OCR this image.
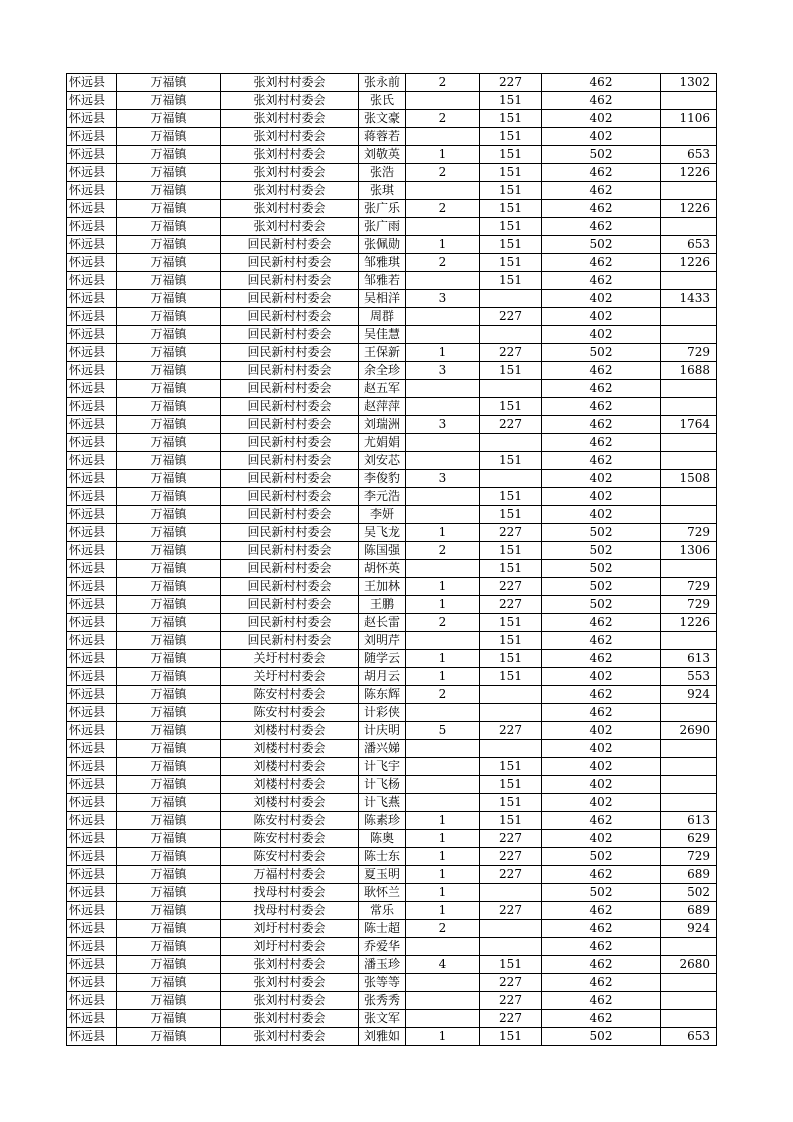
怀远县	万福镇	张刘村村委会	张永前	2	227	462	1302
怀远县	万福镇	张刘村村委会	张氏		151	462	
怀远县	万福镇	张刘村村委会	张文豪	2	151	402	1106
怀远县	万福镇	张刘村村委会	蒋蓉若		151	402	
怀远县	万福镇	张刘村村委会	刘敬英	1	151	502	653
怀远县	万福镇	张刘村村委会	张浩	2	151	462	1226
怀远县	万福镇	张刘村村委会	张琪		151	462	
怀远县	万福镇	张刘村村委会	张广乐	2	151	462	1226
怀远县	万福镇	张刘村村委会	张广雨		151	462	
怀远县	万福镇	回民新村村委会	张佩勋	1	151	502	653
怀远县	万福镇	回民新村村委会	邹雅琪	2	151	462	1226
怀远县	万福镇	回民新村村委会	邹雅若		151	462	
怀远县	万福镇	回民新村村委会	吴相洋	3		402	1433
怀远县	万福镇	回民新村村委会	周群		227	402	
怀远县	万福镇	回民新村村委会	吴佳慧			402	
怀远县	万福镇	回民新村村委会	王保新	1	227	502	729
怀远县	万福镇	回民新村村委会	余全珍	3	151	462	1688
怀远县	万福镇	回民新村村委会	赵五军			462	
怀远县	万福镇	回民新村村委会	赵萍萍		151	462	
怀远县	万福镇	回民新村村委会	刘瑞洲	3	227	462	1764
怀远县	万福镇	回民新村村委会	尤娟娟			462	
怀远县	万福镇	回民新村村委会	刘安芯		151	462	
怀远县	万福镇	回民新村村委会	李俊豹	3		402	1508
怀远县	万福镇	回民新村村委会	李元浩		151	402	
怀远县	万福镇	回民新村村委会	李妍		151	402	
怀远县	万福镇	回民新村村委会	吴飞龙	1	227	502	729
怀远县	万福镇	回民新村村委会	陈国强	2	151	502	1306
怀远县	万福镇	回民新村村委会	胡怀英		151	502	
怀远县	万福镇	回民新村村委会	王加林	1	227	502	729
怀远县	万福镇	回民新村村委会	王鹏	1	227	502	729
怀远县	万福镇	回民新村村委会	赵长雷	2	151	462	1226
怀远县	万福镇	回民新村村委会	刘明芹		151	462	
怀远县	万福镇	关圩村村委会	随学云	1	151	462	613
怀远县	万福镇	关圩村村委会	胡月云	1	151	402	553
怀远县	万福镇	陈安村村委会	陈东辉	2		462	924
怀远县	万福镇	陈安村村委会	计彩侠			462	
怀远县	万福镇	刘楼村村委会	计庆明	5	227	402	2690
怀远县	万福镇	刘楼村村委会	潘兴娣			402	
怀远县	万福镇	刘楼村村委会	计飞宇		151	402	
怀远县	万福镇	刘楼村村委会	计飞杨		151	402	
怀远县	万福镇	刘楼村村委会	计飞燕		151	402	
怀远县	万福镇	陈安村村委会	陈素珍	1	151	462	613
怀远县	万福镇	陈安村村委会	陈奥	1	227	402	629
怀远县	万福镇	陈安村村委会	陈士东	1	227	502	729
怀远县	万福镇	万福村村委会	夏玉明	1	227	462	689
怀远县	万福镇	找母村村委会	耿怀兰	1		502	502
怀远县	万福镇	找母村村委会	常乐	1	227	462	689
怀远县	万福镇	刘圩村村委会	陈士超	2		462	924
怀远县	万福镇	刘圩村村委会	乔爱华			462	
怀远县	万福镇	张刘村村委会	潘玉珍	4	151	462	2680
怀远县	万福镇	张刘村村委会	张等等		227	462	
怀远县	万福镇	张刘村村委会	张秀秀		227	462	
怀远县	万福镇	张刘村村委会	张文军		227	462	
怀远县	万福镇	张刘村村委会	刘雅如	1	151	502	653
